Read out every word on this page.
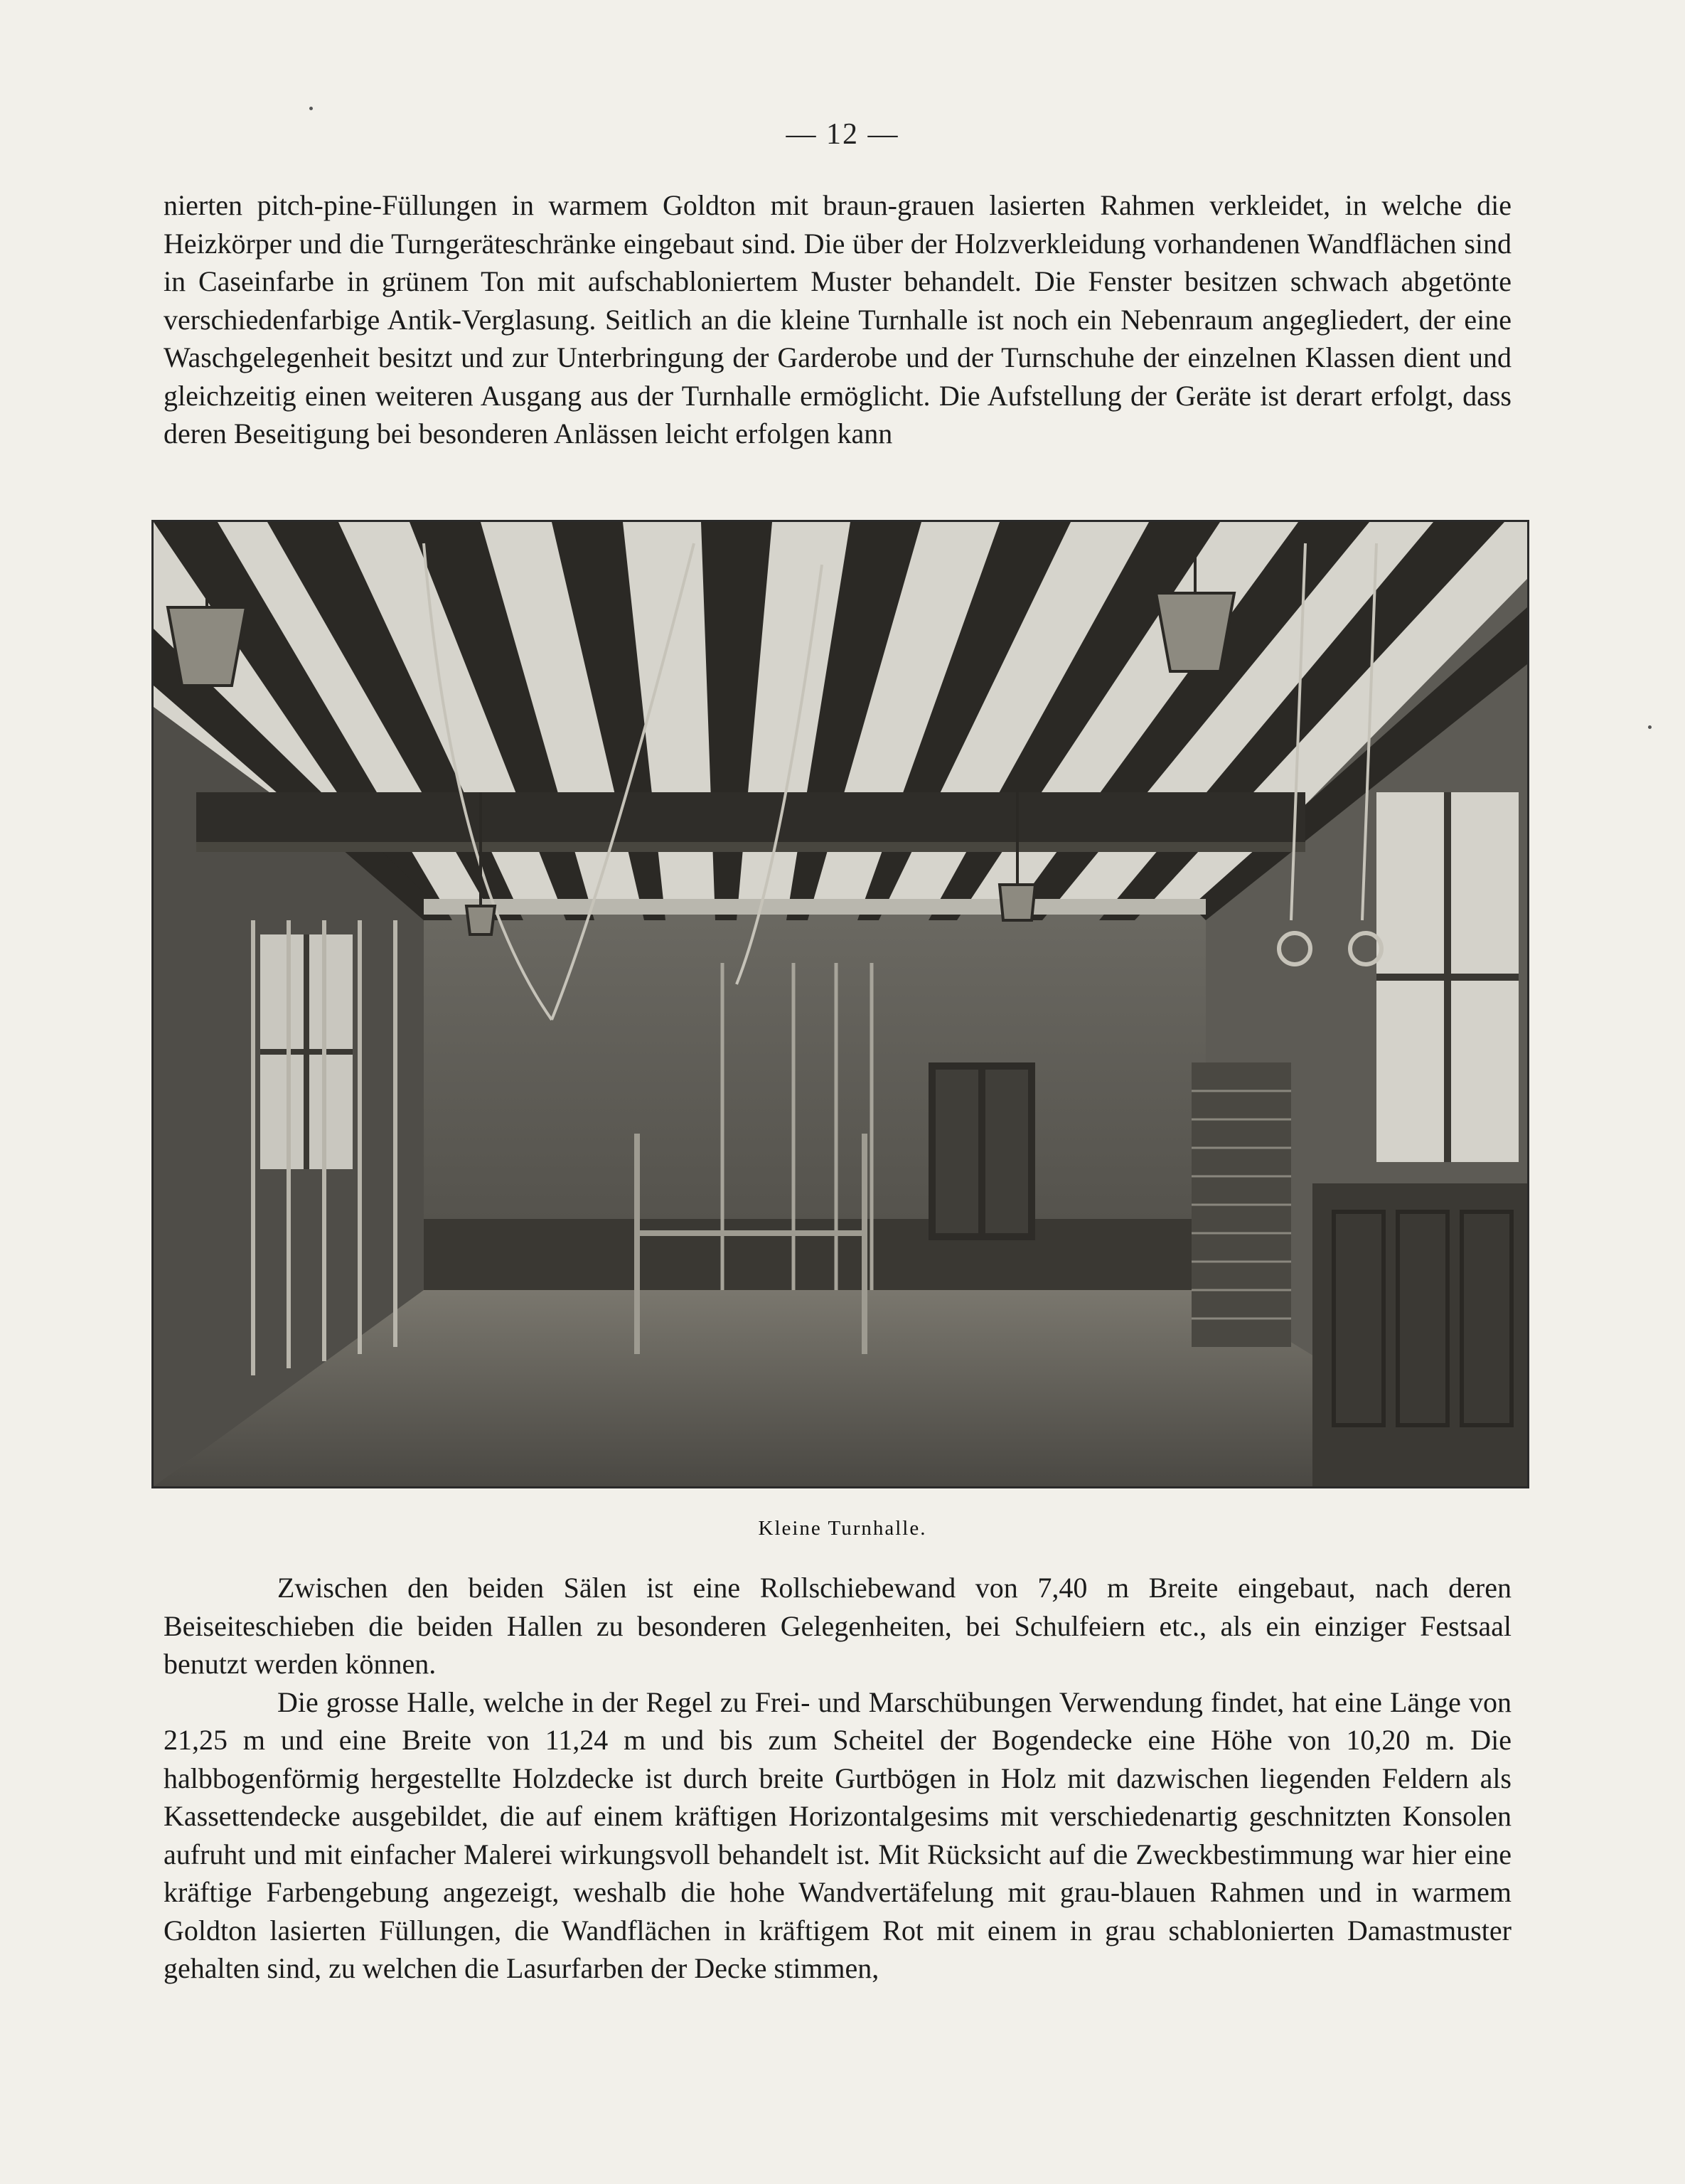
— 12 —

nierten pitch-pine-Füllungen in warmem Goldton mit braun-grauen lasierten Rahmen verkleidet, in welche die Heizkörper und die Turngeräteschränke eingebaut sind. Die über der Holzverkleidung vorhandenen Wandflächen sind in Caseinfarbe in grünem Ton mit aufschabloniertem Muster behandelt. Die Fenster besitzen schwach abgetönte verschiedenfarbige Antik-Verglasung. Seitlich an die kleine Turnhalle ist noch ein Nebenraum angegliedert, der eine Waschgelegenheit besitzt und zur Unterbringung der Garderobe und der Turnschuhe der einzelnen Klassen dient und gleichzeitig einen weiteren Ausgang aus der Turnhalle ermöglicht. Die Aufstellung der Geräte ist derart erfolgt, dass deren Beseitigung bei besonderen Anlässen leicht erfolgen kann

Kleine Turnhalle.

Zwischen den beiden Sälen ist eine Rollschiebewand von 7,40 m Breite eingebaut, nach deren Beiseiteschieben die beiden Hallen zu besonderen Gelegenheiten, bei Schulfeiern etc., als ein einziger Festsaal benutzt werden können.

Die grosse Halle, welche in der Regel zu Frei- und Marschübungen Verwendung findet, hat eine Länge von 21,25 m und eine Breite von 11,24 m und bis zum Scheitel der Bogendecke eine Höhe von 10,20 m. Die halbbogenförmig hergestellte Holzdecke ist durch breite Gurtbögen in Holz mit dazwischen liegenden Feldern als Kassettendecke ausgebildet, die auf einem kräftigen Horizontalgesims mit verschiedenartig geschnitzten Konsolen aufruht und mit einfacher Malerei wirkungsvoll behandelt ist. Mit Rücksicht auf die Zweckbestimmung war hier eine kräftige Farbengebung angezeigt, weshalb die hohe Wandvertäfelung mit grau-blauen Rahmen und in warmem Goldton lasierten Füllungen, die Wandflächen in kräftigem Rot mit einem in grau schablonierten Damastmuster gehalten sind, zu welchen die Lasurfarben der Decke stimmen,
